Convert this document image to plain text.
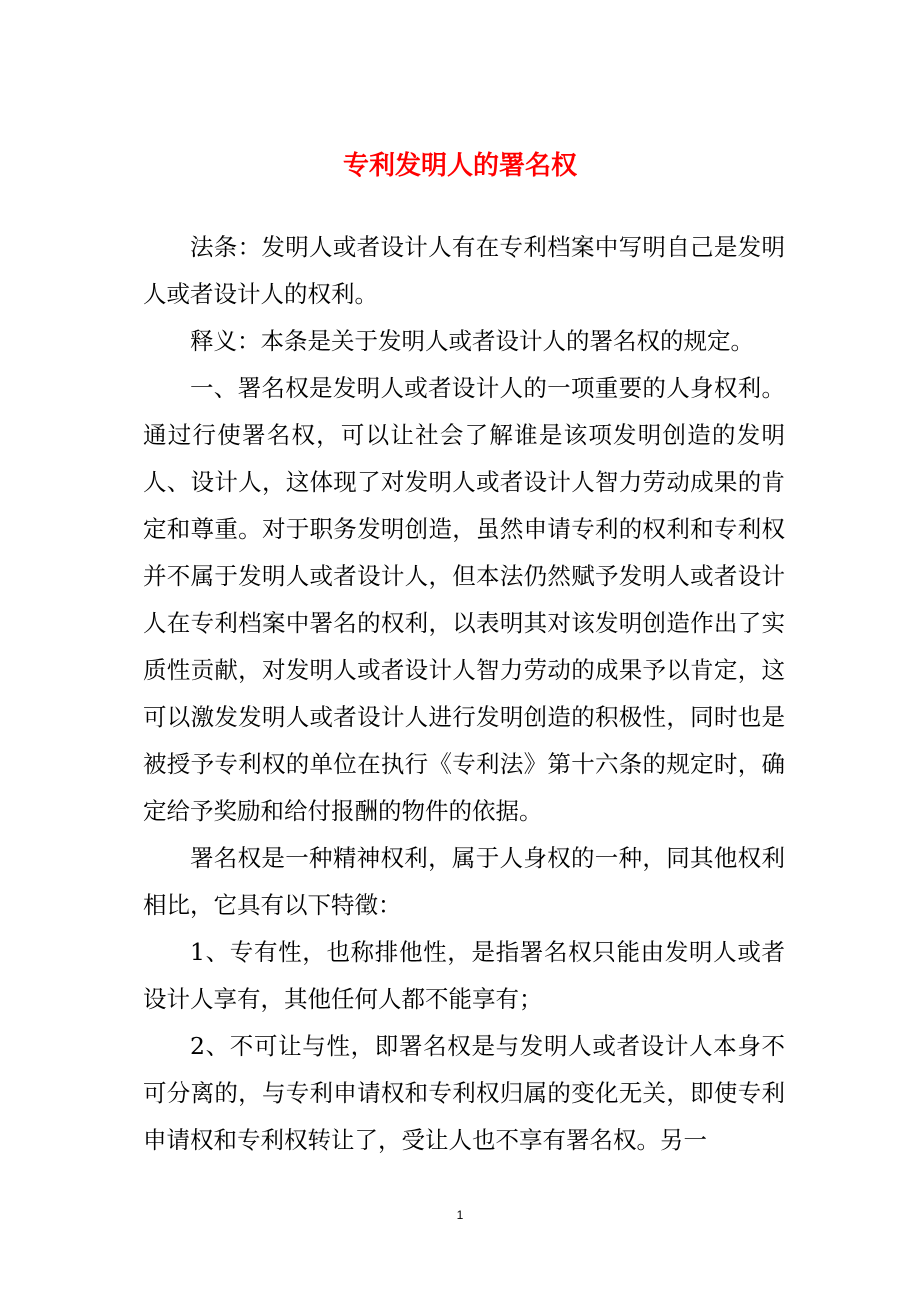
专利发明人的署名权

法条：发明人或者设计人有在专利档案中写明自己是发明人或者设计人的权利。

释义：本条是关于发明人或者设计人的署名权的规定。

一、署名权是发明人或者设计人的一项重要的人身权利。通过行使署名权，可以让社会了解谁是该项发明创造的发明人、设计人，这体现了对发明人或者设计人智力劳动成果的肯定和尊重。对于职务发明创造，虽然申请专利的权利和专利权并不属于发明人或者设计人，但本法仍然赋予发明人或者设计人在专利档案中署名的权利，以表明其对该发明创造作出了实质性贡献，对发明人或者设计人智力劳动的成果予以肯定，这可以激发发明人或者设计人进行发明创造的积极性，同时也是被授予专利权的单位在执行《专利法》第十六条的规定时，确定给予奖励和给付报酬的物件的依据。

署名权是一种精神权利，属于人身权的一种，同其他权利相比，它具有以下特徵：

1、专有性，也称排他性，是指署名权只能由发明人或者设计人享有，其他任何人都不能享有；

2、不可让与性，即署名权是与发明人或者设计人本身不可分离的，与专利申请权和专利权归属的变化无关，即使专利申请权和专利权转让了，受让人也不享有署名权。另一

1
